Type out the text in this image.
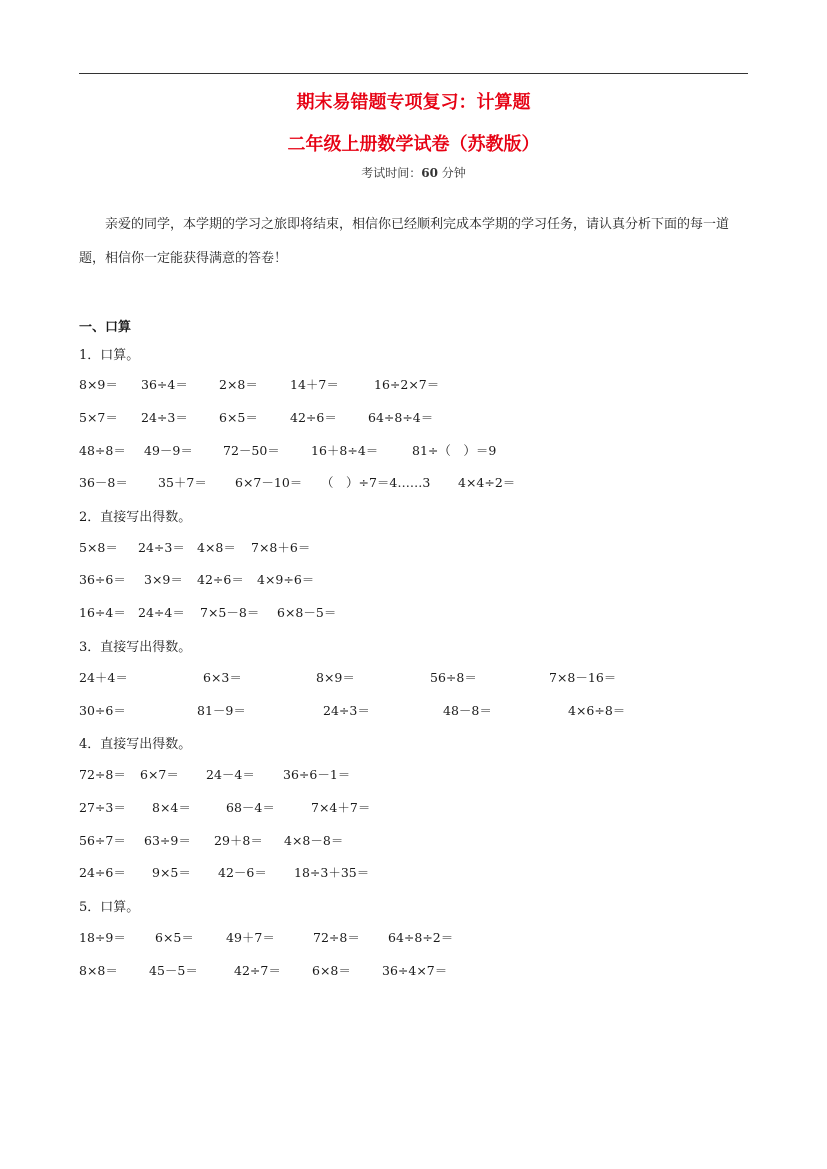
期末易错题专项复习：计算题
二年级上册数学试卷（苏教版）
考试时间：60 分钟
亲爱的同学，本学期的学习之旅即将结束，相信你已经顺利完成本学期的学习任务，请认真分析下面的每一道题，相信你一定能获得满意的答卷！
一、口算
1．口算。
8×9＝ 36÷4＝ 2×8＝	14＋7＝	16÷2×7＝
5×7＝ 24÷3＝ 6×5＝	42÷6＝ 64÷8÷4＝
48÷8＝ 49－9＝ 72－50＝ 16＋8÷4＝	81÷（　）＝9
36－8＝ 35＋7＝ 6×7－10＝ （　）÷7＝4……3 4×4÷2＝
2．直接写出得数。
5×8＝ 24÷3＝ 4×8＝ 7×8＋6＝
36÷6＝ 3×9＝ 42÷6＝ 4×9÷6＝
16÷4＝ 24÷4＝ 7×5－8＝ 6×8－5＝
3．直接写出得数。
24＋4＝	6×3＝	8×9＝	56÷8＝	7×8－16＝
30÷6＝	81－9＝	24÷3＝	48－8＝	4×6÷8＝
4．直接写出得数。
72÷8＝ 6×7＝ 24－4＝ 36÷6－1＝
27÷3＝ 8×4＝	68－4＝	7×4＋7＝
56÷7＝ 63÷9＝ 29＋8＝ 4×8－8＝
24÷6＝ 9×5＝ 42－6＝ 18÷3＋35＝
5．口算。
18÷9＝ 6×5＝	49＋7＝	72÷8＝ 64÷8÷2＝
8×8＝ 45－5＝	42÷7＝ 6×8＝ 36÷4×7＝
